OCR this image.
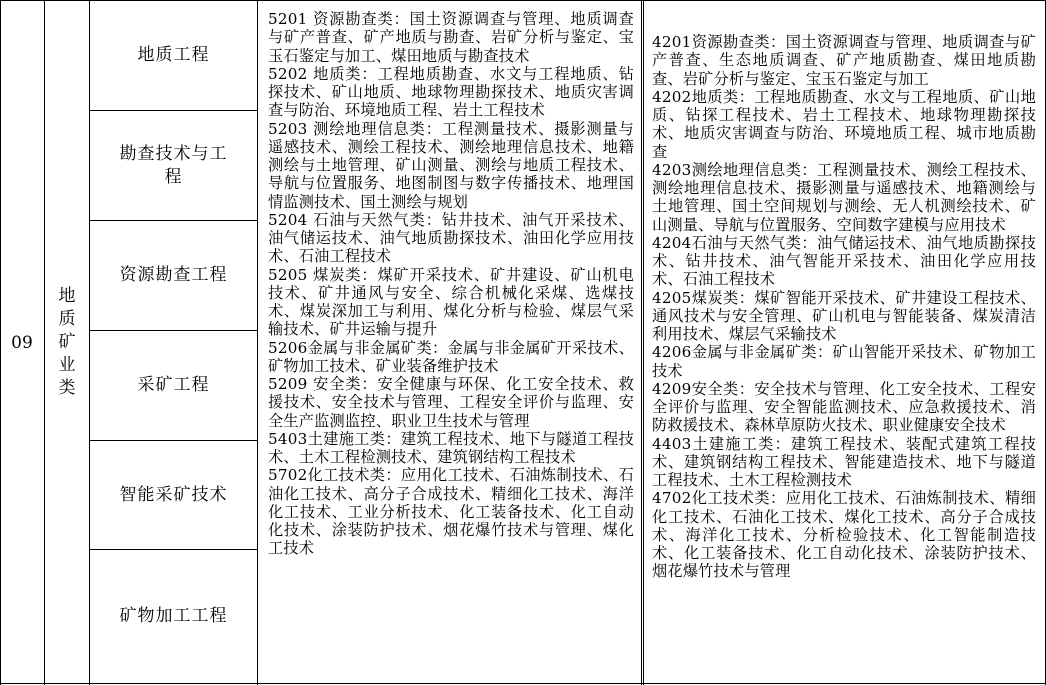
09
地质矿业类
地质工程
勘查技术与工程
资源勘查工程
采矿工程
智能采矿技术
矿物加工工程

5201 资源勘查类：国土资源调查与管理、地质调查与矿产普查、矿产地质与勘查、岩矿分析与鉴定、宝玉石鉴定与加工、煤田地质与勘查技术

5202 地质类：工程地质勘查、水文与工程地质、钻探技术、矿山地质、地球物理勘探技术、地质灾害调查与防治、环境地质工程、岩土工程技术

5203 测绘地理信息类：工程测量技术、摄影测量与遥感技术、测绘工程技术、测绘地理信息技术、地籍测绘与土地管理、矿山测量、测绘与地质工程技术、导航与位置服务、地图制图与数字传播技术、地理国情监测技术、国土测绘与规划

5204 石油与天然气类：钻井技术、油气开采技术、油气储运技术、油气地质勘探技术、油田化学应用技术、石油工程技术

5205 煤炭类：煤矿开采技术、矿井建设、矿山机电技术、矿井通风与安全、综合机械化采煤、选煤技术、煤炭深加工与利用、煤化分析与检验、煤层气采输技术、矿井运输与提升

5206金属与非金属矿类：金属与非金属矿开采技术、矿物加工技术、矿业装备维护技术

5209 安全类：安全健康与环保、化工安全技术、救援技术、安全技术与管理、工程安全评价与监理、安全生产监测监控、职业卫生技术与管理

5403土建施工类：建筑工程技术、地下与隧道工程技术、土木工程检测技术、建筑钢结构工程技术

5702化工技术类：应用化工技术、石油炼制技术、石油化工技术、高分子合成技术、精细化工技术、海洋化工技术、工业分析技术、化工装备技术、化工自动化技术、涂装防护技术、烟花爆竹技术与管理、煤化工技术

4201资源勘查类：国土资源调查与管理、地质调查与矿产普查、生态地质调查、矿产地质勘查、煤田地质勘查、岩矿分析与鉴定、宝玉石鉴定与加工

4202地质类：工程地质勘查、水文与工程地质、矿山地质、钻探工程技术、岩土工程技术、地球物理勘探技术、地质灾害调查与防治、环境地质工程、城市地质勘查

4203测绘地理信息类：工程测量技术、测绘工程技术、测绘地理信息技术、摄影测量与遥感技术、地籍测绘与土地管理、国土空间规划与测绘、无人机测绘技术、矿山测量、导航与位置服务、空间数字建模与应用技术

4204石油与天然气类：油气储运技术、油气地质勘探技术、钻井技术、油气智能开采技术、油田化学应用技术、石油工程技术

4205煤炭类：煤矿智能开采技术、矿井建设工程技术、通风技术与安全管理、矿山机电与智能装备、煤炭清洁利用技术、煤层气采输技术

4206金属与非金属矿类：矿山智能开采技术、矿物加工技术

4209安全类：安全技术与管理、化工安全技术、工程安全评价与监理、安全智能监测技术、应急救援技术、消防救援技术、森林草原防火技术、职业健康安全技术

4403土建施工类：建筑工程技术、装配式建筑工程技术、建筑钢结构工程技术、智能建造技术、地下与隧道工程技术、土木工程检测技术

4702化工技术类：应用化工技术、石油炼制技术、精细化工技术、石油化工技术、煤化工技术、高分子合成技术、海洋化工技术、分析检验技术、化工智能制造技术、化工装备技术、化工自动化技术、涂装防护技术、烟花爆竹技术与管理
